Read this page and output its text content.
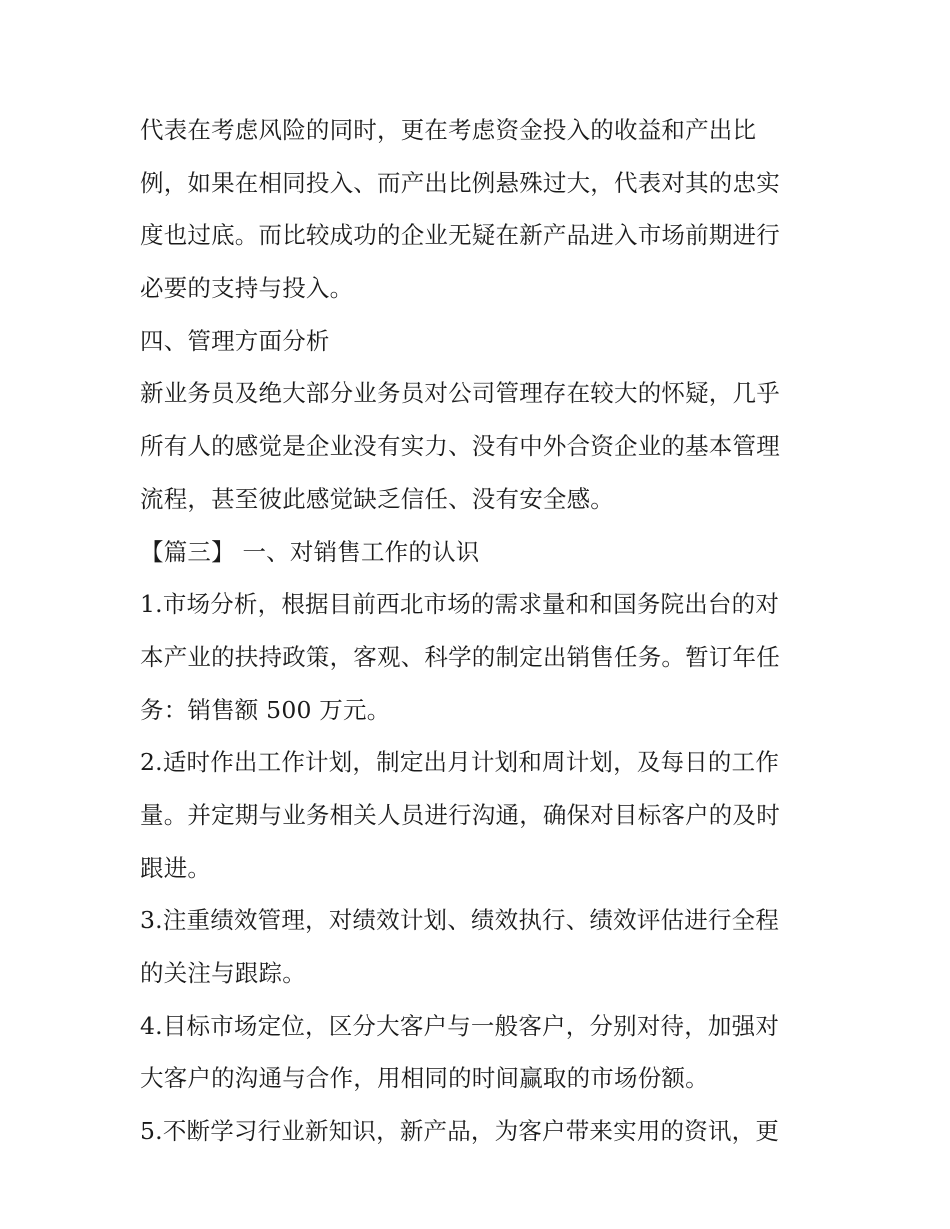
代表在考虑风险的同时，更在考虑资金投入的收益和产出比
例，如果在相同投入、而产出比例悬殊过大，代表对其的忠实
度也过底。而比较成功的企业无疑在新产品进入市场前期进行
必要的支持与投入。
四、管理方面分析
新业务员及绝大部分业务员对公司管理存在较大的怀疑，几乎
所有人的感觉是企业没有实力、没有中外合资企业的基本管理
流程，甚至彼此感觉缺乏信任、没有安全感。
【篇三】 一、对销售工作的认识
1.市场分析，根据目前西北市场的需求量和和国务院出台的对
本产业的扶持政策，客观、科学的制定出销售任务。暂订年任
务：销售额 500 万元。
2.适时作出工作计划，制定出月计划和周计划，及每日的工作
量。并定期与业务相关人员进行沟通，确保对目标客户的及时
跟进。
3.注重绩效管理，对绩效计划、绩效执行、绩效评估进行全程
的关注与跟踪。
4.目标市场定位，区分大客户与一般客户，分别对待，加强对
大客户的沟通与合作，用相同的时间赢取的市场份额。
5.不断学习行业新知识，新产品，为客户带来实用的资讯，更
